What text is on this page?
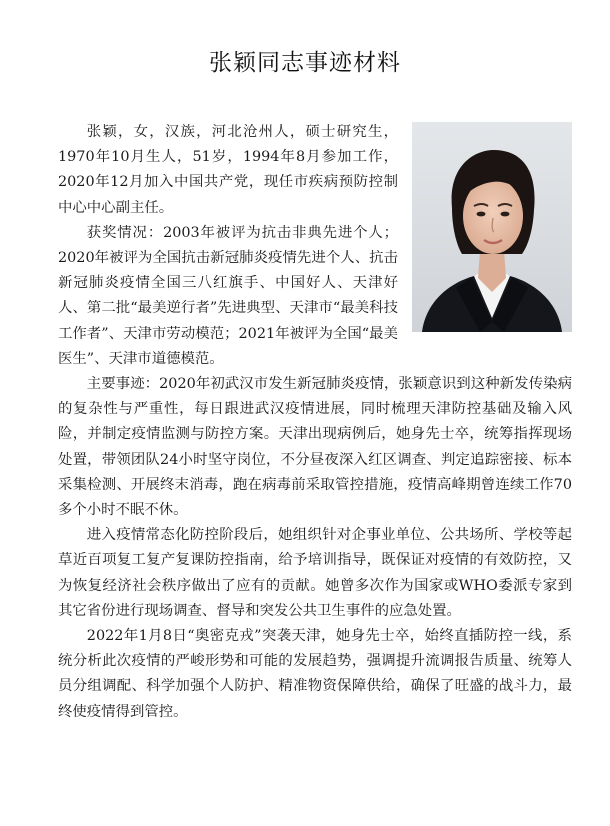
张颖同志事迹材料

张颖，女，汉族，河北沧州人，硕士研究生，1970年10月生人，51岁，1994年8月参加工作，2020年12月加入中国共产党，现任市疾病预防控制中心中心副主任。

获奖情况：2003年被评为抗击非典先进个人；2020年被评为全国抗击新冠肺炎疫情先进个人、抗击新冠肺炎疫情全国三八红旗手、中国好人、天津好人、第二批“最美逆行者”先进典型、天津市“最美科技工作者”、天津市劳动模范；2021年被评为全国“最美医生”、天津市道德模范。

主要事迹：2020年初武汉市发生新冠肺炎疫情，张颖意识到这种新发传染病的复杂性与严重性，每日跟进武汉疫情进展，同时梳理天津防控基础及输入风险，并制定疫情监测与防控方案。天津出现病例后，她身先士卒，统筹指挥现场处置，带领团队24小时坚守岗位，不分昼夜深入红区调查、判定追踪密接、标本采集检测、开展终末消毒，跑在病毒前采取管控措施，疫情高峰期曾连续工作70多个小时不眠不休。

进入疫情常态化防控阶段后，她组织针对企事业单位、公共场所、学校等起草近百项复工复产复课防控指南，给予培训指导，既保证对疫情的有效防控，又为恢复经济社会秩序做出了应有的贡献。她曾多次作为国家或WHO委派专家到其它省份进行现场调查、督导和突发公共卫生事件的应急处置。

2022年1月8日“奥密克戎”突袭天津，她身先士卒，始终直插防控一线，系统分析此次疫情的严峻形势和可能的发展趋势，强调提升流调报告质量、统筹人员分组调配、科学加强个人防护、精准物资保障供给，确保了旺盛的战斗力，最终使疫情得到管控。
